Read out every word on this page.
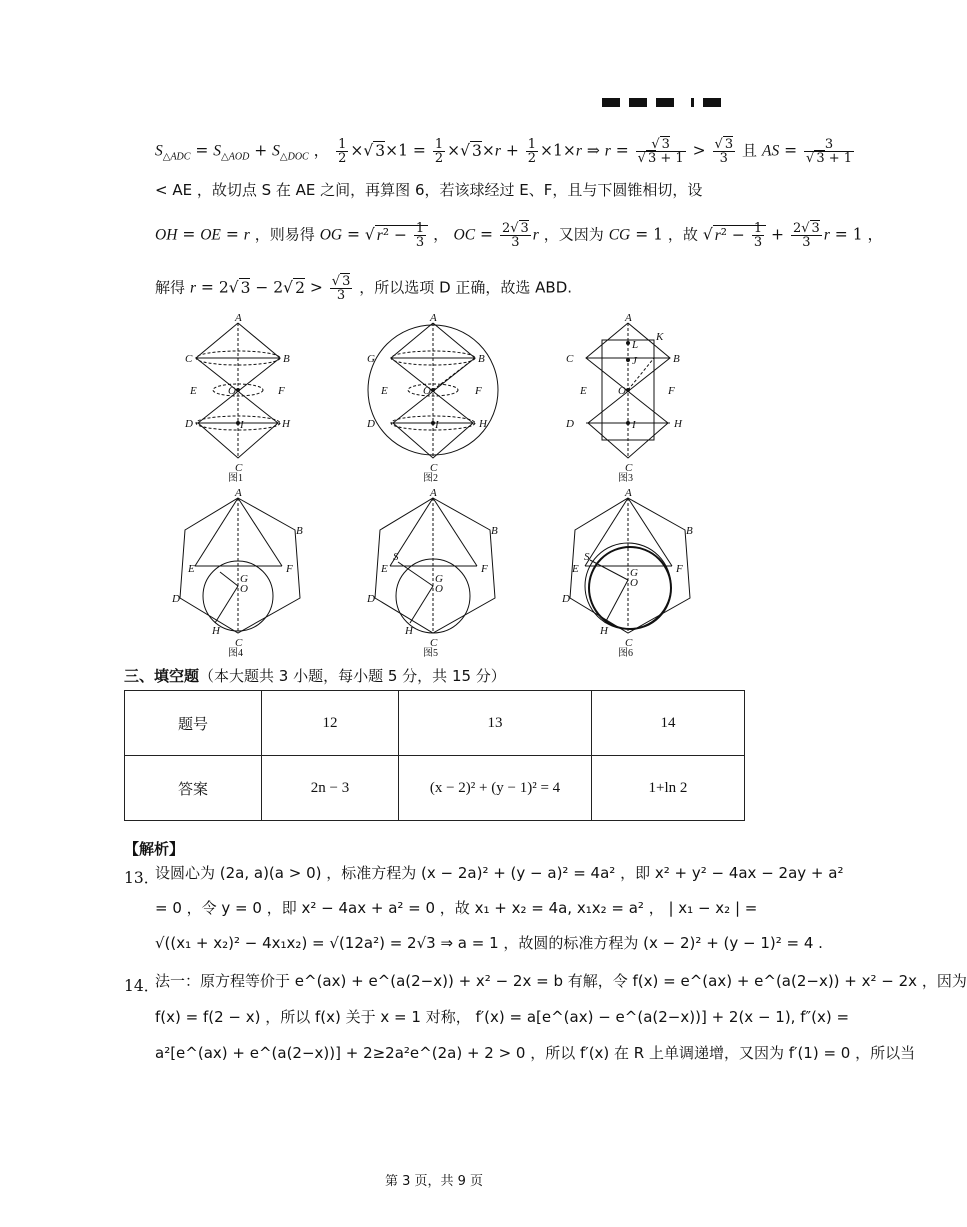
$S_{\triangle ADC} = S_{\triangle AOD} + S_{\triangle DOC}$ ， $\frac{1}{2}$ ×√ $3\times 1 = \frac{1}{2}$ ×√ $3\times r + \frac{1}{2} \times 1\times r$ ⇒ $r = \frac{√ 3}{√ 3 + 1} > \frac{√ 3}{3}$ 且 AS = $\frac{3}{√ 3 + 1}$
< AE ，故切点 S 在 AE 之间，再算图 6，若该球经过 E、F，且与下圆锥相切，设
OH = OE = r ，则易得 OG = √ $r^2 - \frac{1}{3}$ ， OC = $\frac{2√ 3}{3}$ r ，又因为 CG = 1 ，故 √ $r^2 - \frac{1}{3} + \frac{2√ 3}{3}$ r = 1 ，
解得 r = 2√ 3 − 2√ $2 > \frac{√ 3}{3}$ ，所以选项 D 正确，故选 ABD.
A
B
C
D
E	F
H
C
O
I
图1
A
B
G
D
E	F
H
C
O
I
图2
A
B
C
D
E	F
H
C
O
K
L
J
I
图3
A
B
E	F
D
H
G
O
C
图4
A
B
E	F
D
H
S
G
O
C
图5
A
B
E	F
D
H
S
G
O
C
图6
三、填空题（本大题共 3 小题，每小题 5 分，共 15 分）
题号	12	13	14
答案	2n − 3	(x − 2)² + (y − 1)² = 4	1+ln 2
【解析】
13．
设圆心为 (2a, a)(a > 0) ，标准方程为 (x − 2a)² + (y − a)² = 4a² ，即 x² + y² − 4ax − 2ay + a²
= 0 ，令 y = 0 ，即 x² − 4ax + a² = 0 ，故 x₁ + x₂ = 4a, x₁x₂ = a² ， | x₁ − x₂ | =
√((x₁ + x₂)² − 4x₁x₂) = √(12a²) = 2√3 ⇒ a = 1 ，故圆的标准方程为 (x − 2)² + (y − 1)² = 4 .
14．
法一：原方程等价于 e^(ax) + e^(a(2−x)) + x² − 2x = b 有解，令 f(x) = e^(ax) + e^(a(2−x)) + x² − 2x ，因为
f(x) = f(2 − x) ，所以 f(x) 关于 x = 1 对称， f′(x) = a[e^(ax) − e^(a(2−x))] + 2(x − 1), f″(x) =
a²[e^(ax) + e^(a(2−x))] + 2≥2a²e^(2a) + 2 > 0 ，所以 f′(x) 在 R 上单调递增，又因为 f′(1) = 0 ，所以当
第 3 页，共 9 页
